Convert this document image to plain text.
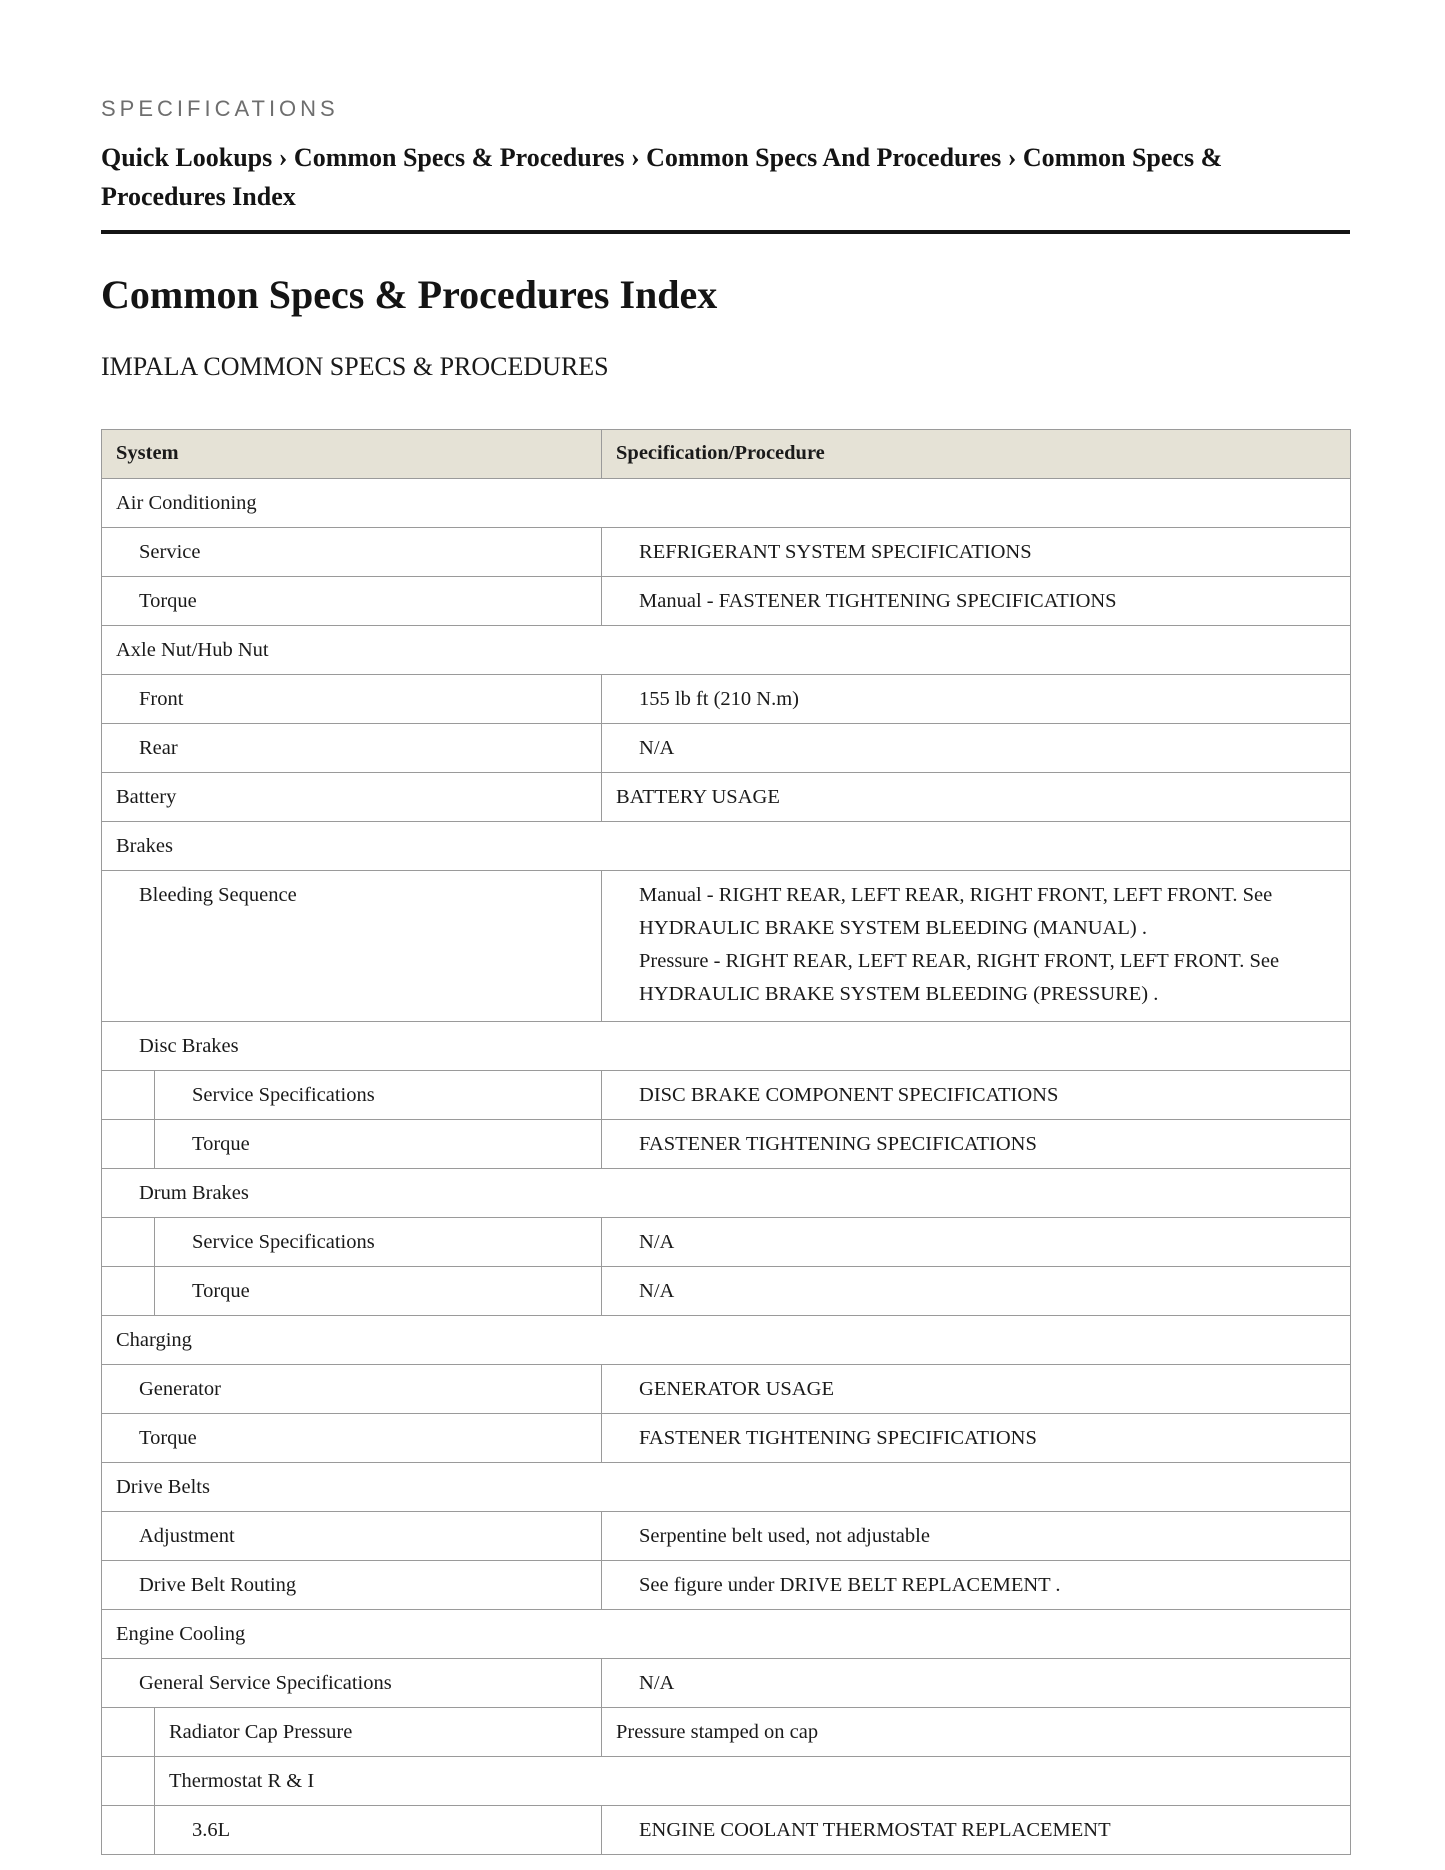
SPECIFICATIONS
Quick Lookups › Common Specs & Procedures › Common Specs And Procedures › Common Specs & Procedures Index
Common Specs & Procedures Index
IMPALA COMMON SPECS & PROCEDURES
System		Specification/Procedure
Air Conditioning		
Service		REFRIGERANT SYSTEM SPECIFICATIONS
Torque		Manual - FASTENER TIGHTENING SPECIFICATIONS
Axle Nut/Hub Nut		
Front		155 lb ft (210 N.m)
Rear		N/A
Battery		BATTERY USAGE
Brakes		
Bleeding Sequence		Manual - RIGHT REAR, LEFT REAR, RIGHT FRONT, LEFT FRONT. See HYDRAULIC BRAKE SYSTEM BLEEDING (MANUAL) .
Pressure - RIGHT REAR, LEFT REAR, RIGHT FRONT, LEFT FRONT. See HYDRAULIC BRAKE SYSTEM BLEEDING (PRESSURE) .

Disc Brakes		
	Service Specifications	DISC BRAKE COMPONENT SPECIFICATIONS
	Torque	FASTENER TIGHTENING SPECIFICATIONS
Drum Brakes		
	Service Specifications	N/A
	Torque	N/A
Charging		
Generator		GENERATOR USAGE
Torque		FASTENER TIGHTENING SPECIFICATIONS
Drive Belts		
Adjustment		Serpentine belt used, not adjustable
Drive Belt Routing		See figure under DRIVE BELT REPLACEMENT .
Engine Cooling		
General Service Specifications		N/A
	Radiator Cap Pressure	Pressure stamped on cap
	Thermostat R & I	
	3.6L	ENGINE COOLANT THERMOSTAT REPLACEMENT
